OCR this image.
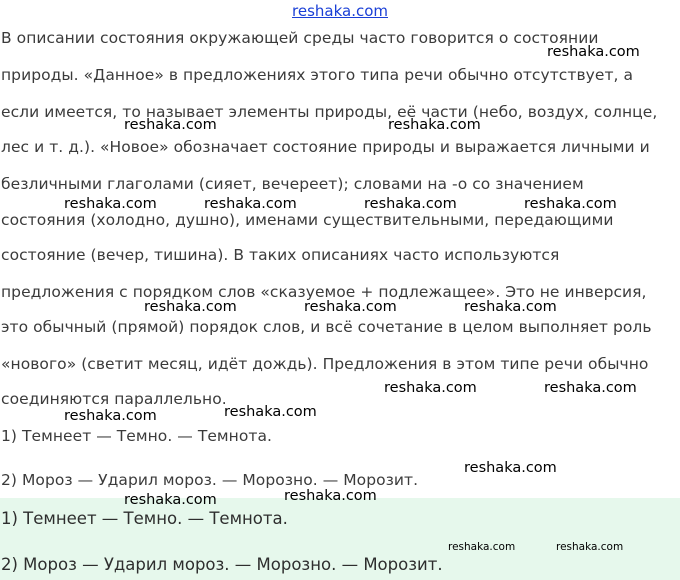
reshaka.com
В описании состояния окружающей среды часто говорится о состоянии
природы. «Данное» в предложениях этого типа речи обычно отсутствует, а
если имеется, то называет элементы природы, её части (небо, воздух, солнце,
лес и т. д.). «Новое» обозначает состояние природы и выражается личными и
безличными глаголами (сияет, вечереет); словами на -о со значением
состояния (холодно, душно), именами существительными, передающими
состояние (вечер, тишина). В таких описаниях часто используются
предложения с порядком слов «сказуемое + подлежащее». Это не инверсия,
это обычный (прямой) порядок слов, и всё сочетание в целом выполняет роль
«нового» (светит месяц, идёт дождь). Предложения в этом типе речи обычно
соединяются параллельно.
1) Темнеет — Темно. — Темнота.
2) Мороз — Ударил мороз. — Морозно. — Морозит.
1) Темнеет — Темно. — Темнота.
2) Мороз — Ударил мороз. — Морозно. — Морозит.
reshaka.com
reshaka.com	reshaka.com
reshaka.com	reshaka.com	reshaka.com	reshaka.com
reshaka.com	reshaka.com	reshaka.com
reshaka.com	reshaka.com
reshaka.com	reshaka.com
reshaka.com
reshaka.com	reshaka.com
reshaka.com	reshaka.com
